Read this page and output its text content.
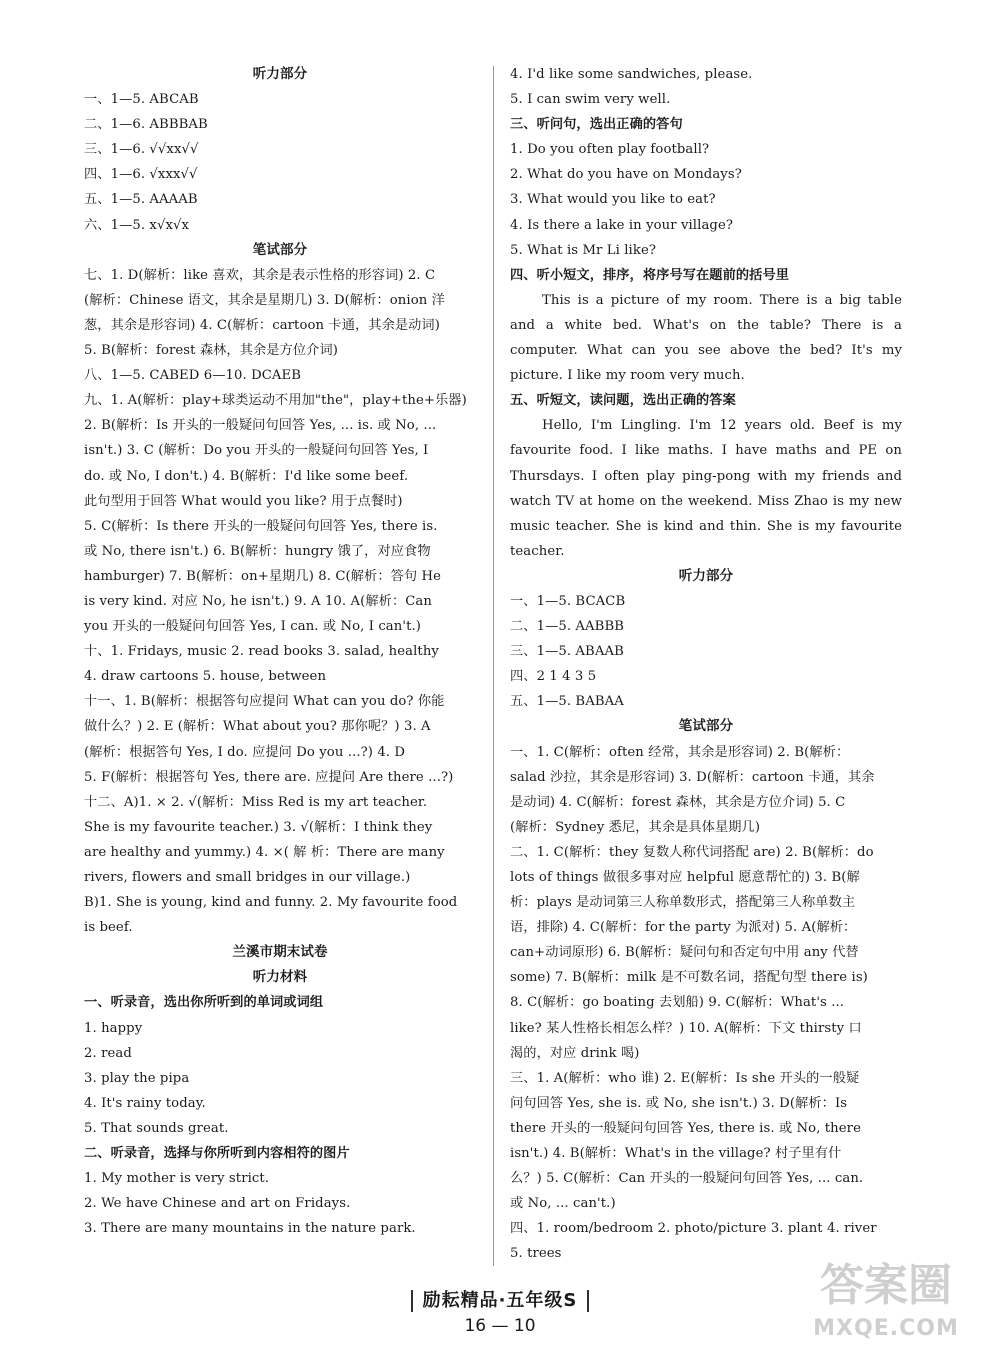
听力部分
一、1—5. ABCAB
二、1—6. ABBBAB
三、1—6. √√xx√√
四、1—6. √xxx√√
五、1—5. AAAAB
六、1—5. x√x√x
笔试部分
七、1. D(解析：like 喜欢，其余是表示性格的形容词) 2. C
(解析：Chinese 语文，其余是星期几) 3. D(解析：onion 洋
葱，其余是形容词) 4. C(解析：cartoon 卡通，其余是动词)
5. B(解析：forest 森林，其余是方位介词)
八、1—5. CABED 6—10. DCAEB
九、1. A(解析：play+球类运动不用加"the"，play+the+乐器)
2. B(解析：Is 开头的一般疑问句回答 Yes, ... is. 或 No, ...
isn't.) 3. C (解析：Do you 开头的一般疑问句回答 Yes, I
do. 或 No, I don't.) 4. B(解析：I'd like some beef.
此句型用于回答 What would you like? 用于点餐时)
5. C(解析：Is there 开头的一般疑问句回答 Yes, there is.
或 No, there isn't.) 6. B(解析：hungry 饿了，对应食物
hamburger) 7. B(解析：on+星期几) 8. C(解析：答句 He
is very kind. 对应 No, he isn't.) 9. A 10. A(解析：Can
you 开头的一般疑问句回答 Yes, I can. 或 No, I can't.)
十、1. Fridays, music 2. read books 3. salad, healthy
4. draw cartoons 5. house, between
十一、1. B(解析：根据答句应提问 What can you do? 你能
做什么？) 2. E (解析：What about you? 那你呢？) 3. A
(解析：根据答句 Yes, I do. 应提问 Do you ...?) 4. D
5. F(解析：根据答句 Yes, there are. 应提问 Are there ...?)
十二、A)1. × 2. √(解析：Miss Red is my art teacher.
She is my favourite teacher.) 3. √(解析：I think they
are healthy and yummy.) 4. ×( 解 析：There are many
rivers, flowers and small bridges in our village.)
B)1. She is young, kind and funny. 2. My favourite food
is beef.
兰溪市期末试卷
听力材料
一、听录音，选出你所听到的单词或词组
1. happy
2. read
3. play the pipa
4. It's rainy today.
5. That sounds great.
二、听录音，选择与你所听到内容相符的图片
1. My mother is very strict.
2. We have Chinese and art on Fridays.
3. There are many mountains in the nature park.
4. I'd like some sandwiches, please.
5. I can swim very well.
三、听问句，选出正确的答句
1. Do you often play football?
2. What do you have on Mondays?
3. What would you like to eat?
4. Is there a lake in your village?
5. What is Mr Li like?
四、听小短文，排序，将序号写在题前的括号里
This is a picture of my room. There is a big table
and a white bed. What's on the table? There is a
computer. What can you see above the bed? It's my
picture. I like my room very much.
五、听短文，读问题，选出正确的答案
Hello, I'm Lingling. I'm 12 years old. Beef is my
favourite food. I like maths. I have maths and PE on
Thursdays. I often play ping-pong with my friends and
watch TV at home on the weekend. Miss Zhao is my new
music teacher. She is kind and thin. She is my favourite
teacher.
听力部分
一、1—5. BCACB
二、1—5. AABBB
三、1—5. ABAAB
四、2 1 4 3 5
五、1—5. BABAA
笔试部分
一、1. C(解析：often 经常，其余是形容词) 2. B(解析：
salad 沙拉，其余是形容词) 3. D(解析：cartoon 卡通，其余
是动词) 4. C(解析：forest 森林，其余是方位介词) 5. C
(解析：Sydney 悉尼，其余是具体星期几)
二、1. C(解析：they 复数人称代词搭配 are) 2. B(解析：do
lots of things 做很多事对应 helpful 愿意帮忙的) 3. B(解
析：plays 是动词第三人称单数形式，搭配第三人称单数主
语，排除) 4. C(解析：for the party 为派对) 5. A(解析：
can+动词原形) 6. B(解析：疑问句和否定句中用 any 代替
some) 7. B(解析：milk 是不可数名词，搭配句型 there is)
8. C(解析：go boating 去划船) 9. C(解析：What's ...
like? 某人性格长相怎么样？) 10. A(解析：下文 thirsty 口
渴的，对应 drink 喝)
三、1. A(解析：who 谁) 2. E(解析：Is she 开头的一般疑
问句回答 Yes, she is. 或 No, she isn't.) 3. D(解析：Is
there 开头的一般疑问句回答 Yes, there is. 或 No, there
isn't.) 4. B(解析：What's in the village? 村子里有什
么？) 5. C(解析：Can 开头的一般疑问句回答 Yes, ... can.
或 No, ... can't.)
四、1. room/bedroom 2. photo/picture 3. plant 4. river
5. trees
励耘精品·五年级S
16 — 10
答案圈
MXQE.COM
